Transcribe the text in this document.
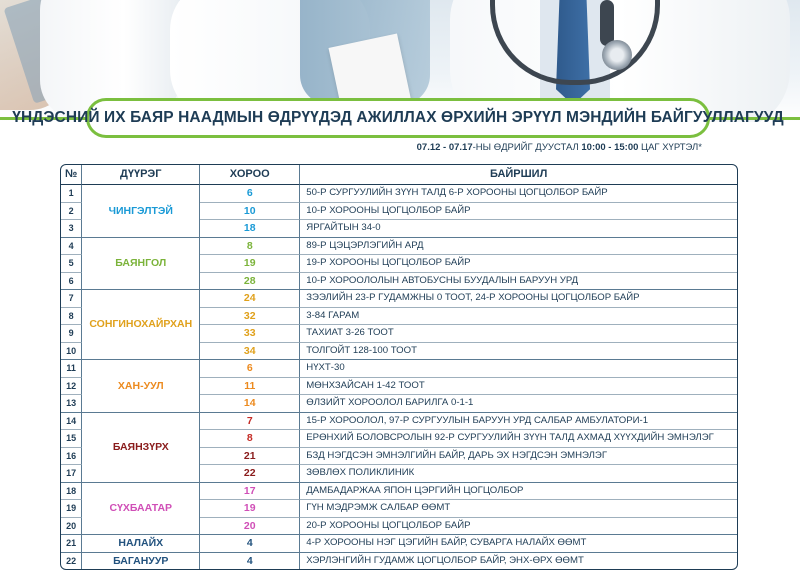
ҮНДЭСНИЙ ИХ БАЯР НААДМЫН ӨДРҮҮДЭД АЖИЛЛАХ ӨРХИЙН ЭРҮҮЛ МЭНДИЙН БАЙГУУЛЛАГУУД
07.12 - 07.17-НЫ ӨДРИЙГ ДУУСТАЛ 10:00 - 15:00 ЦАГ ХҮРТЭЛ*
№	ДҮҮРЭГ	ХОРОО	БАЙРШИЛ
1	ЧИНГЭЛТЭЙ	6	50-Р СУРГУУЛИЙН ЗҮҮН ТАЛД 6-Р ХОРООНЫ ЦОГЦОЛБОР БАЙР
2		10	10-Р ХОРООНЫ ЦОГЦОЛБОР БАЙР
3		18	ЯРГАЙТЫН 34-0
4	БАЯНГОЛ	8	89-Р ЦЭЦЭРЛЭГИЙН АРД
5		19	19-Р ХОРООНЫ ЦОГЦОЛБОР БАЙР
6		28	10-Р ХОРООЛОЛЫН АВТОБУСНЫ БУУДАЛЫН БАРУУН УРД
7	СОНГИНОХАЙРХАН	24	ЗЭЭЛИЙН 23-Р ГУДАМЖНЫ 0 ТООТ, 24-Р ХОРООНЫ ЦОГЦОЛБОР БАЙР
8		32	3-84 ГАРАМ
9		33	ТАХИАТ 3-26 ТООТ
10		34	ТОЛГОЙТ 128-100 ТООТ
11	ХАН-УУЛ	6	НҮХТ-30
12		11	МӨНХЗАЙСАН 1-42 ТООТ
13		14	ӨЛЗИЙТ ХОРООЛОЛ БАРИЛГА 0-1-1
14	БАЯНЗҮРХ	7	15-Р ХОРООЛОЛ, 97-Р СУРГУУЛЫН БАРУУН УРД САЛБАР АМБУЛАТОРИ-1
15		8	ЕРӨНХИЙ БОЛОВСРОЛЫН 92-Р СУРГУУЛИЙН ЗҮҮН ТАЛД АХМАД ХҮҮХДИЙН ЭМНЭЛЭГ
16		21	БЗД НЭГДСЭН ЭМНЭЛГИЙН БАЙР, ДАРЬ ЭХ НЭГДСЭН ЭМНЭЛЭГ
17		22	ЗӨВЛӨХ ПОЛИКЛИНИК
18	СҮХБААТАР	17	ДАМБАДАРЖАА ЯПОН ЦЭРГИЙН ЦОГЦОЛБОР
19		19	ГҮН МЭДРЭМЖ САЛБАР ӨӨМТ
20		20	20-Р ХОРООНЫ ЦОГЦОЛБОР БАЙР
21	НАЛАЙХ	4	4-Р ХОРООНЫ НЭГ ЦЭГИЙН БАЙР, СУВАРГА НАЛАЙХ ӨӨМТ
22	БАГАНУУР	4	ХЭРЛЭНГИЙН ГУДАМЖ ЦОГЦОЛБОР БАЙР, ЭНХ-ӨРХ ӨӨМТ
